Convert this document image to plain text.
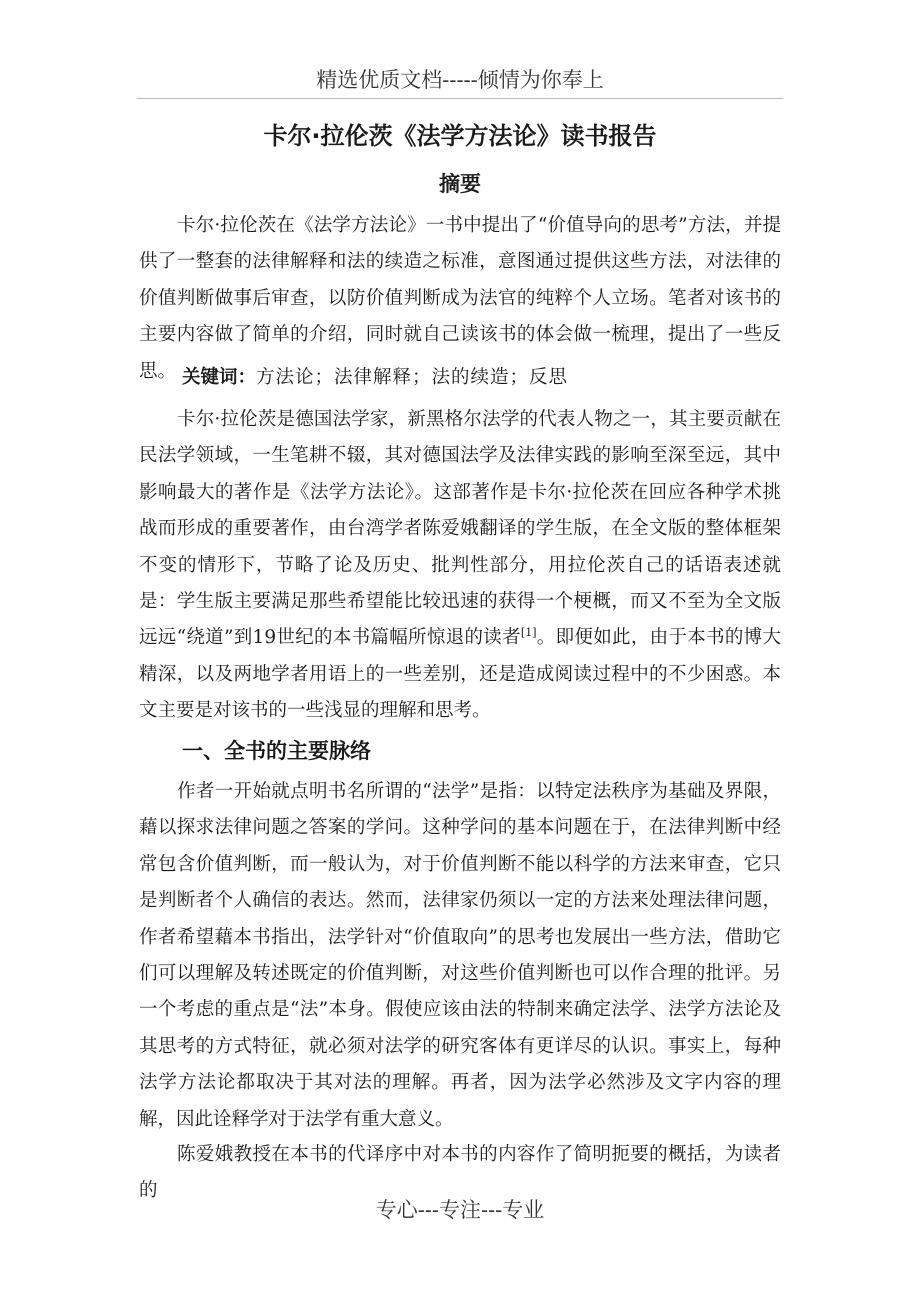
精选优质文档-----倾情为你奉上
卡尔·拉伦茨《法学方法论》读书报告
摘要

卡尔·拉伦茨在《法学方法论》一书中提出了“价值导向的思考”方法，并提供了一整套的法律解释和法的续造之标准，意图通过提供这些方法，对法律的价值判断做事后审查，以防价值判断成为法官的纯粹个人立场。笔者对该书的主要内容做了简单的介绍，同时就自己读该书的体会做一梳理，提出了一些反思。 关键词：方法论；法律解释；法的续造；反思

卡尔·拉伦茨是德国法学家，新黑格尔法学的代表人物之一，其主要贡献在民法学领域，一生笔耕不辍，其对德国法学及法律实践的影响至深至远，其中影响最大的著作是《法学方法论》。这部著作是卡尔·拉伦茨在回应各种学术挑战而形成的重要著作，由台湾学者陈爱娥翻译的学生版，在全文版的整体框架不变的情形下，节略了论及历史、批判性部分，用拉伦茨自己的话语表述就是：学生版主要满足那些希望能比较迅速的获得一个梗概，而又不至为全文版远远“绕道”到19世纪的本书篇幅所惊退的读者[1]。即便如此，由于本书的博大精深，以及两地学者用语上的一些差别，还是造成阅读过程中的不少困惑。本文主要是对该书的一些浅显的理解和思考。

一、全书的主要脉络

作者一开始就点明书名所谓的“法学”是指：以特定法秩序为基础及界限，藉以探求法律问题之答案的学问。这种学问的基本问题在于，在法律判断中经常包含价值判断，而一般认为，对于价值判断不能以科学的方法来审查，它只是判断者个人确信的表达。然而，法律家仍须以一定的方法来处理法律问题，作者希望藉本书指出，法学针对“价值取向”的思考也发展出一些方法，借助它们可以理解及转述既定的价值判断，对这些价值判断也可以作合理的批评。另一个考虑的重点是“法”本身。假使应该由法的特制来确定法学、法学方法论及其思考的方式特征，就必须对法学的研究客体有更详尽的认识。事实上，每种法学方法论都取决于其对法的理解。再者，因为法学必然涉及文字内容的理解，因此诠释学对于法学有重大意义。

陈爱娥教授在本书的代译序中对本书的内容作了简明扼要的概括，为读者的

专心---专注---专业
